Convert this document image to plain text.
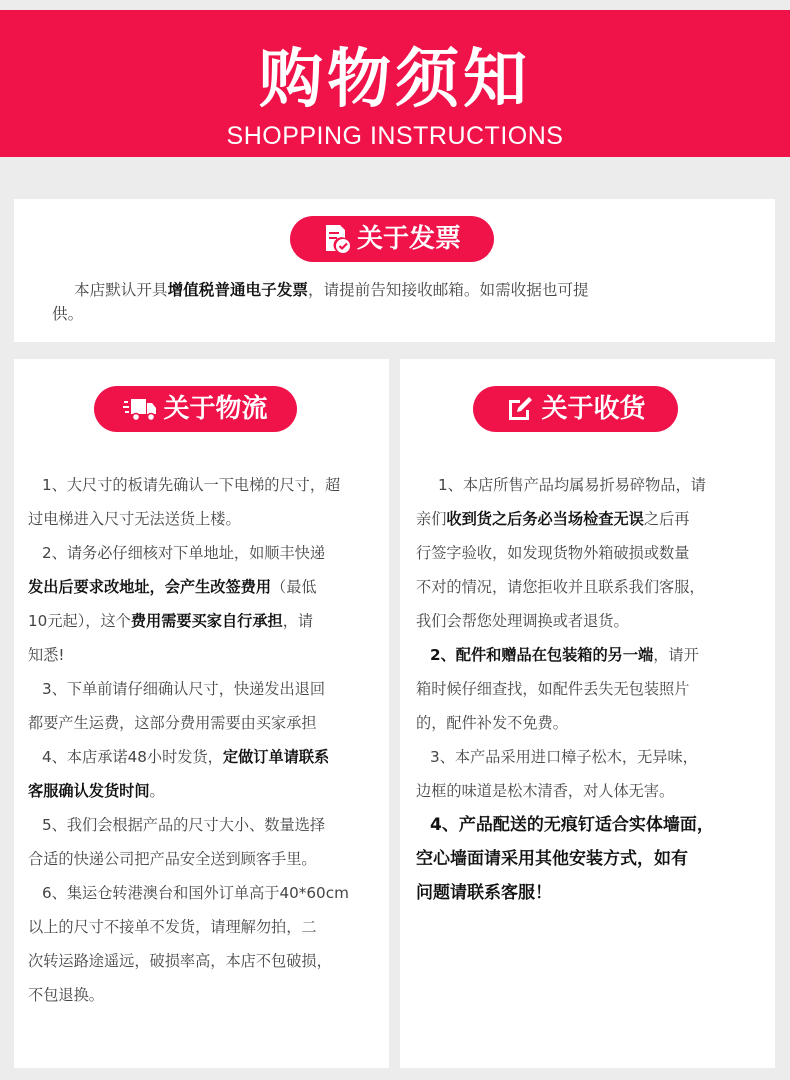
购物须知
SHOPPING INSTRUCTIONS
关于发票
本店默认开具增值税普通电子发票，请提前告知接收邮箱。如需收据也可提
供。
关于物流

1、大尺寸的板请先确认一下电梯的尺寸，超

过电梯进入尺寸无法送货上楼。

2、请务必仔细核对下单地址，如顺丰快递

发出后要求改地址，会产生改签费用（最低

10元起），这个费用需要买家自行承担，请

知悉!

3、下单前请仔细确认尺寸，快递发出退回

都要产生运费，这部分费用需要由买家承担

4、本店承诺48小时发货，定做订单请联系

客服确认发货时间。

5、我们会根据产品的尺寸大小、数量选择

合适的快递公司把产品安全送到顾客手里。

6、集运仓转港澳台和国外订单高于40*60cm

以上的尺寸不接单不发货，请理解勿拍，二

次转运路途遥远，破损率高，本店不包破损，

不包退换。

关于收货

1、本店所售产品均属易折易碎物品，请

亲们收到货之后务必当场检查无误之后再

行签字验收，如发现货物外箱破损或数量

不对的情况，请您拒收并且联系我们客服，

我们会帮您处理调换或者退货。

2、配件和赠品在包装箱的另一端，请开

箱时候仔细查找，如配件丢失无包装照片

的，配件补发不免费。

3、本产品采用进口樟子松木，无异味，

边框的味道是松木清香，对人体无害。

4、产品配送的无痕钉适合实体墙面，

空心墙面请采用其他安装方式，如有

问题请联系客服！
